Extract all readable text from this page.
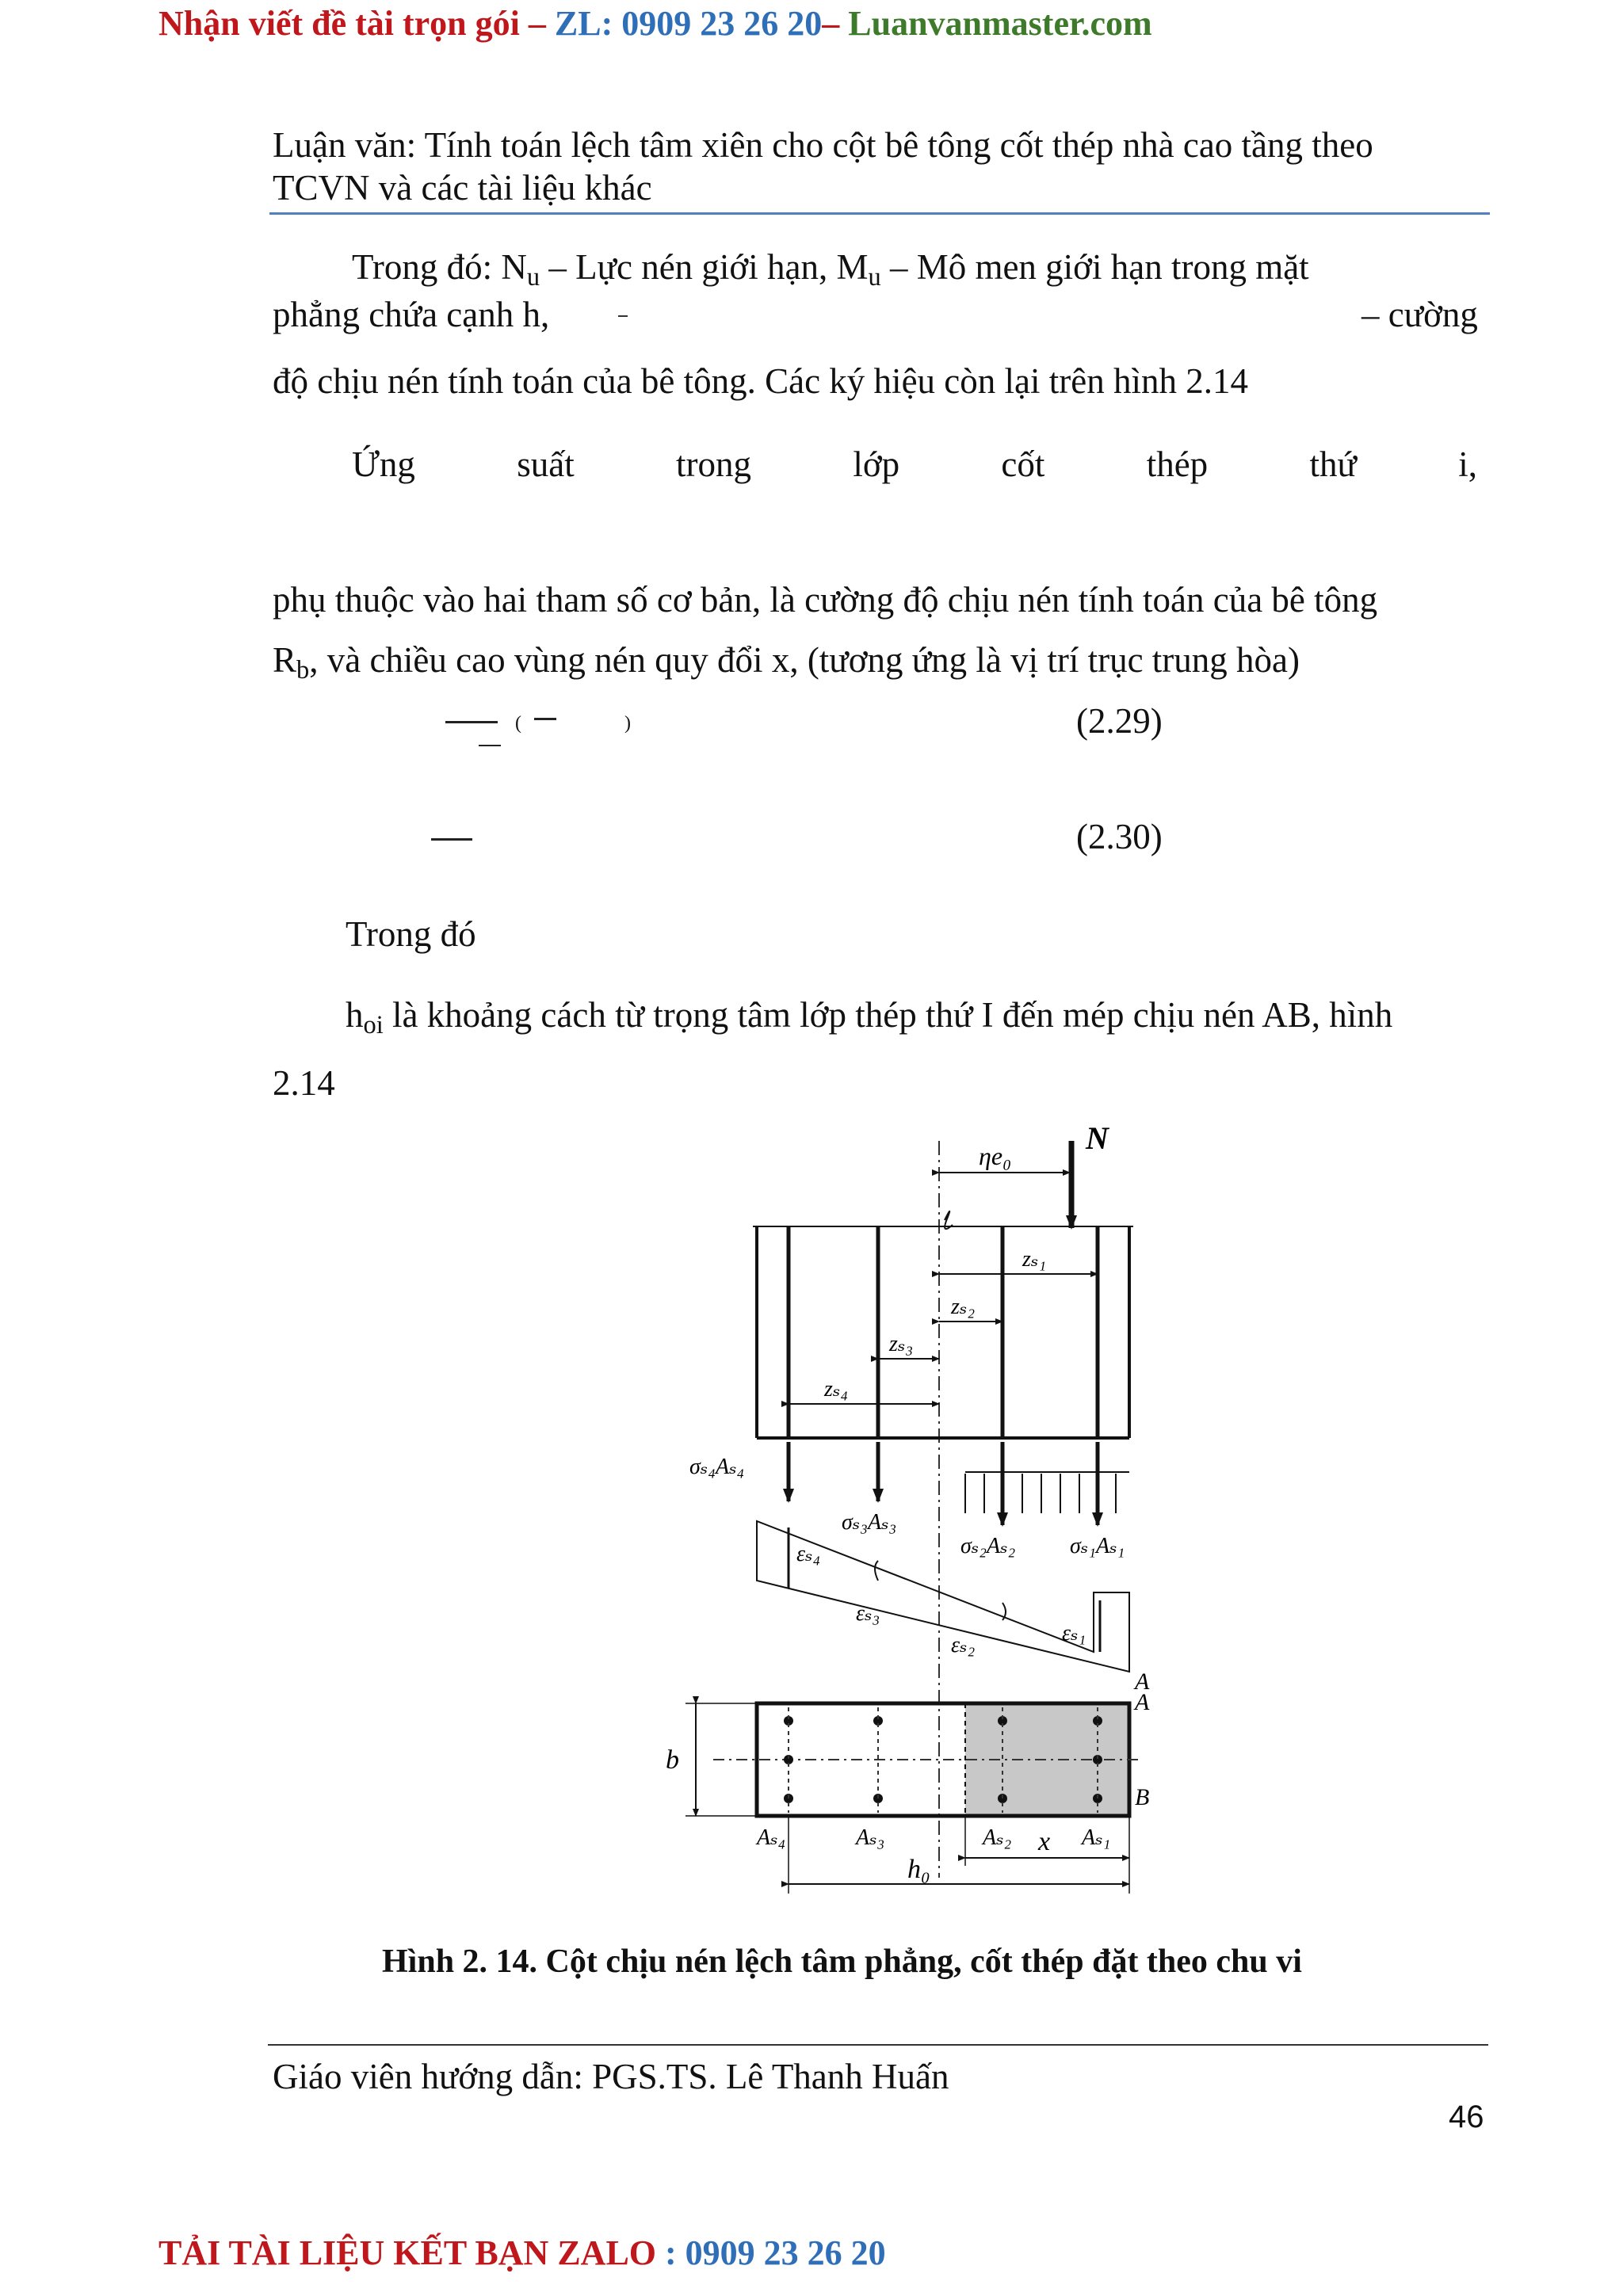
Nhận viết đề tài trọn gói – ZL: 0909 23 26 20– Luanvanmaster.com
Luận văn: Tính toán lệch tâm xiên cho cột bê tông cốt thép nhà cao tầng theo
TCVN và các tài liệu khác
Trong đó: $N_u$ – Lực nén giới hạn, $M_u$ – Mô men giới hạn trong mặt
phẳng chứa cạnh h,	– cường
độ chịu nén tính toán của bê tông. Các ký hiệu còn lại trên hình 2.14
Ứng	suất	trong	lớp	cốt	thép	thứ	i,
phụ thuộc vào hai tham số cơ bản, là cường độ chịu nén tính toán của bê tông
$R_b$, và chiều cao vùng nén quy đổi x, (tương ứng là vị trí trục trung hòa)
(	)	(2.29)
(2.30)
Trong đó
$h_{oi}$ là khoảng cách từ trọng tâm lớp thép thứ I đến mép chịu nén AB, hình
2.14
ηe₀ N
zₛ₁
zₛ₂
zₛ₃
zₛ₄
σₛ₄Aₛ₄
σₛ₃Aₛ₃
σₛ₂Aₛ₂ σₛ₁Aₛ₁
εₛ₄
εₛ₃
εₛ₂	εₛ₁
A
b
A
B
Aₛ₄	Aₛ₃	Aₛ₂	Aₛ₁
x
h₀
Hình 2. 14. Cột chịu nén lệch tâm phẳng, cốt thép đặt theo chu vi
Giáo viên hướng dẫn: PGS.TS. Lê Thanh Huấn
46
TẢI TÀI LIỆU KẾT BẠN ZALO : 0909 23 26 20
